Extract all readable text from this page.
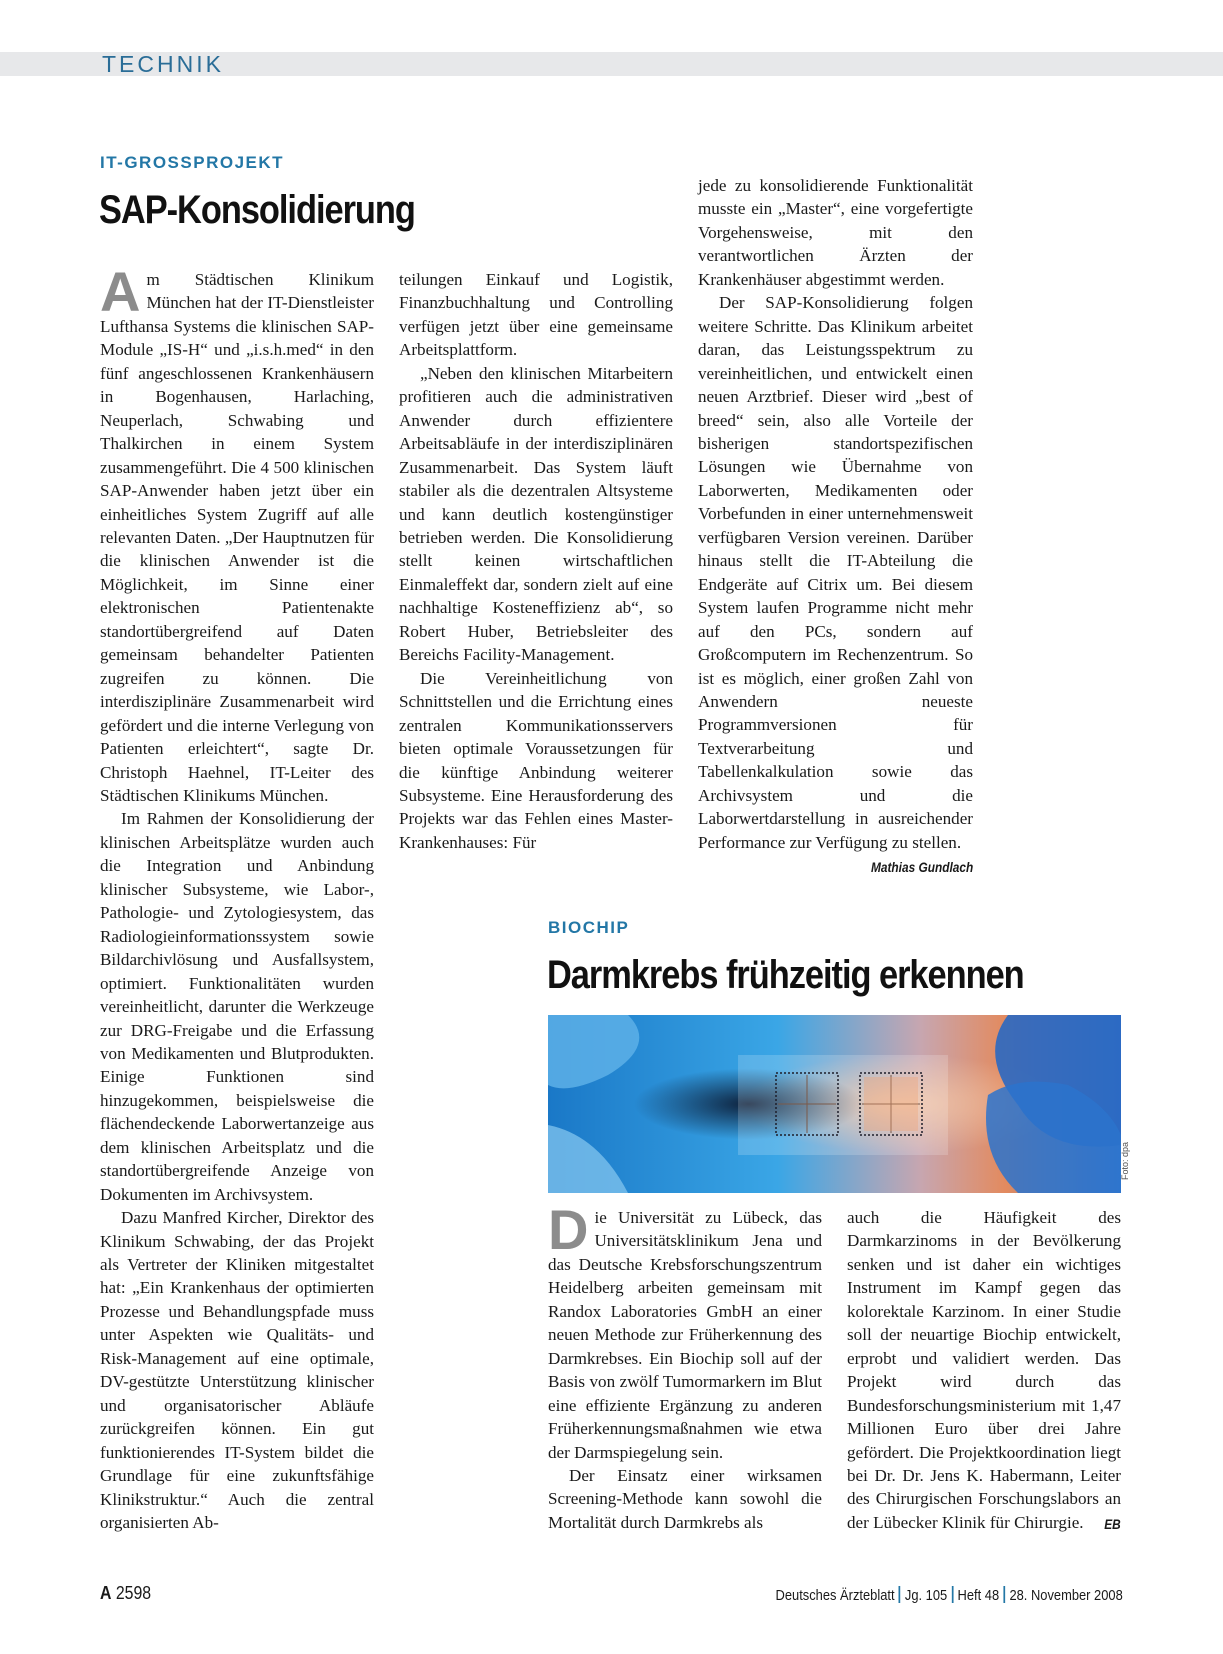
TECHNIK
IT-GROSSPROJEKT
SAP-Konsolidierung

Am Städtischen Klinikum München hat der IT-Dienstleister Lufthansa Systems die klinischen SAP-Module „IS-H“ und „i.s.h.med“ in den fünf angeschlossenen Krankenhäusern in Bogenhausen, Harlaching, Neuperlach, Schwabing und Thalkirchen in einem System zusammengeführt. Die 4 500 klinischen SAP-Anwender haben jetzt über ein einheitliches System Zugriff auf alle relevanten Daten. „Der Hauptnutzen für die klinischen Anwender ist die Möglichkeit, im Sinne einer elektronischen Patientenakte standortübergreifend auf Daten gemeinsam behandelter Patienten zugreifen zu können. Die interdisziplinäre Zusammenarbeit wird gefördert und die interne Verlegung von Patienten erleichtert“, sagte Dr. Christoph Haehnel, IT-Leiter des Städtischen Klinikums München.

Im Rahmen der Konsolidierung der klinischen Arbeitsplätze wurden auch die Integration und Anbindung klinischer Subsysteme, wie Labor-, Pathologie- und Zytologiesystem, das Radiologieinformationssystem sowie Bildarchivlösung und Ausfallsystem, optimiert. Funktionalitäten wurden vereinheitlicht, darunter die Werkzeuge zur DRG-Freigabe und die Erfassung von Medikamenten und Blutprodukten. Einige Funktionen sind hinzugekommen, beispielsweise die flächendeckende Laborwertanzeige aus dem klinischen Arbeitsplatz und die standortübergreifende Anzeige von Dokumenten im Archivsystem.

Dazu Manfred Kircher, Direktor des Klinikum Schwabing, der das Projekt als Vertreter der Kliniken mitgestaltet hat: „Ein Krankenhaus der optimierten Prozesse und Behandlungspfade muss unter Aspekten wie Qualitäts- und Risk-Management auf eine optimale, DV-gestützte Unterstützung klinischer und organisatorischer Abläufe zurückgreifen können. Ein gut funktionierendes IT-System bildet die Grundlage für eine zukunftsfähige Klinikstruktur.“ Auch die zentral organisierten Ab-

teilungen Einkauf und Logistik, Finanzbuchhaltung und Controlling verfügen jetzt über eine gemeinsame Arbeitsplattform.

„Neben den klinischen Mitarbeitern profitieren auch die administrativen Anwender durch effizientere Arbeitsabläufe in der interdisziplinären Zusammenarbeit. Das System läuft stabiler als die dezentralen Altsysteme und kann deutlich kostengünstiger betrieben werden. Die Konsolidierung stellt keinen wirtschaftlichen Einmaleffekt dar, sondern zielt auf eine nachhaltige Kosteneffizienz ab“, so Robert Huber, Betriebsleiter des Bereichs Facility-Management.

Die Vereinheitlichung von Schnittstellen und die Errichtung eines zentralen Kommunikationsservers bieten optimale Voraussetzungen für die künftige Anbindung weiterer Subsysteme. Eine Herausforderung des Projekts war das Fehlen eines Master-Krankenhauses: Für

jede zu konsolidierende Funktionalität musste ein „Master“, eine vorgefertigte Vorgehensweise, mit den verantwortlichen Ärzten der Krankenhäuser abgestimmt werden.

Der SAP-Konsolidierung folgen weitere Schritte. Das Klinikum arbeitet daran, das Leistungsspektrum zu vereinheitlichen, und entwickelt einen neuen Arztbrief. Dieser wird „best of breed“ sein, also alle Vorteile der bisherigen standortspezifischen Lösungen wie Übernahme von Laborwerten, Medikamenten oder Vorbefunden in einer unternehmensweit verfügbaren Version vereinen. Darüber hinaus stellt die IT-Abteilung die Endgeräte auf Citrix um. Bei diesem System laufen Programme nicht mehr auf den PCs, sondern auf Großcomputern im Rechenzentrum. So ist es möglich, einer großen Zahl von Anwendern neueste Programmversionen für Textverarbeitung und Tabellenkalkulation sowie das Archivsystem und die Laborwertdarstellung in ausreichender Performance zur Verfügung zu stellen.
Mathias Gundlach

BIOCHIP
Darmkrebs frühzeitig erkennen
Foto: dpa

Die Universität zu Lübeck, das Universitätsklinikum Jena und das Deutsche Krebsforschungszentrum Heidelberg arbeiten gemeinsam mit Randox Laboratories GmbH an einer neuen Methode zur Früherkennung des Darmkrebses. Ein Biochip soll auf der Basis von zwölf Tumormarkern im Blut eine effiziente Ergänzung zu anderen Früherkennungsmaßnahmen wie etwa der Darmspiegelung sein.

Der Einsatz einer wirksamen Screening-Methode kann sowohl die Mortalität durch Darmkrebs als

auch die Häufigkeit des Darmkarzinoms in der Bevölkerung senken und ist daher ein wichtiges Instrument im Kampf gegen das kolorektale Karzinom. In einer Studie soll der neuartige Biochip entwickelt, erprobt und validiert werden. Das Projekt wird durch das Bundesforschungsministerium mit 1,47 Millionen Euro über drei Jahre gefördert. Die Projektkoordination liegt bei Dr. Dr. Jens K. Habermann, Leiter des Chirurgischen Forschungslabors an der Lübecker Klinik für Chirurgie. EB

A 2598	Deutsches Ärzteblatt Jg. 105 Heft 48 28. November 2008
